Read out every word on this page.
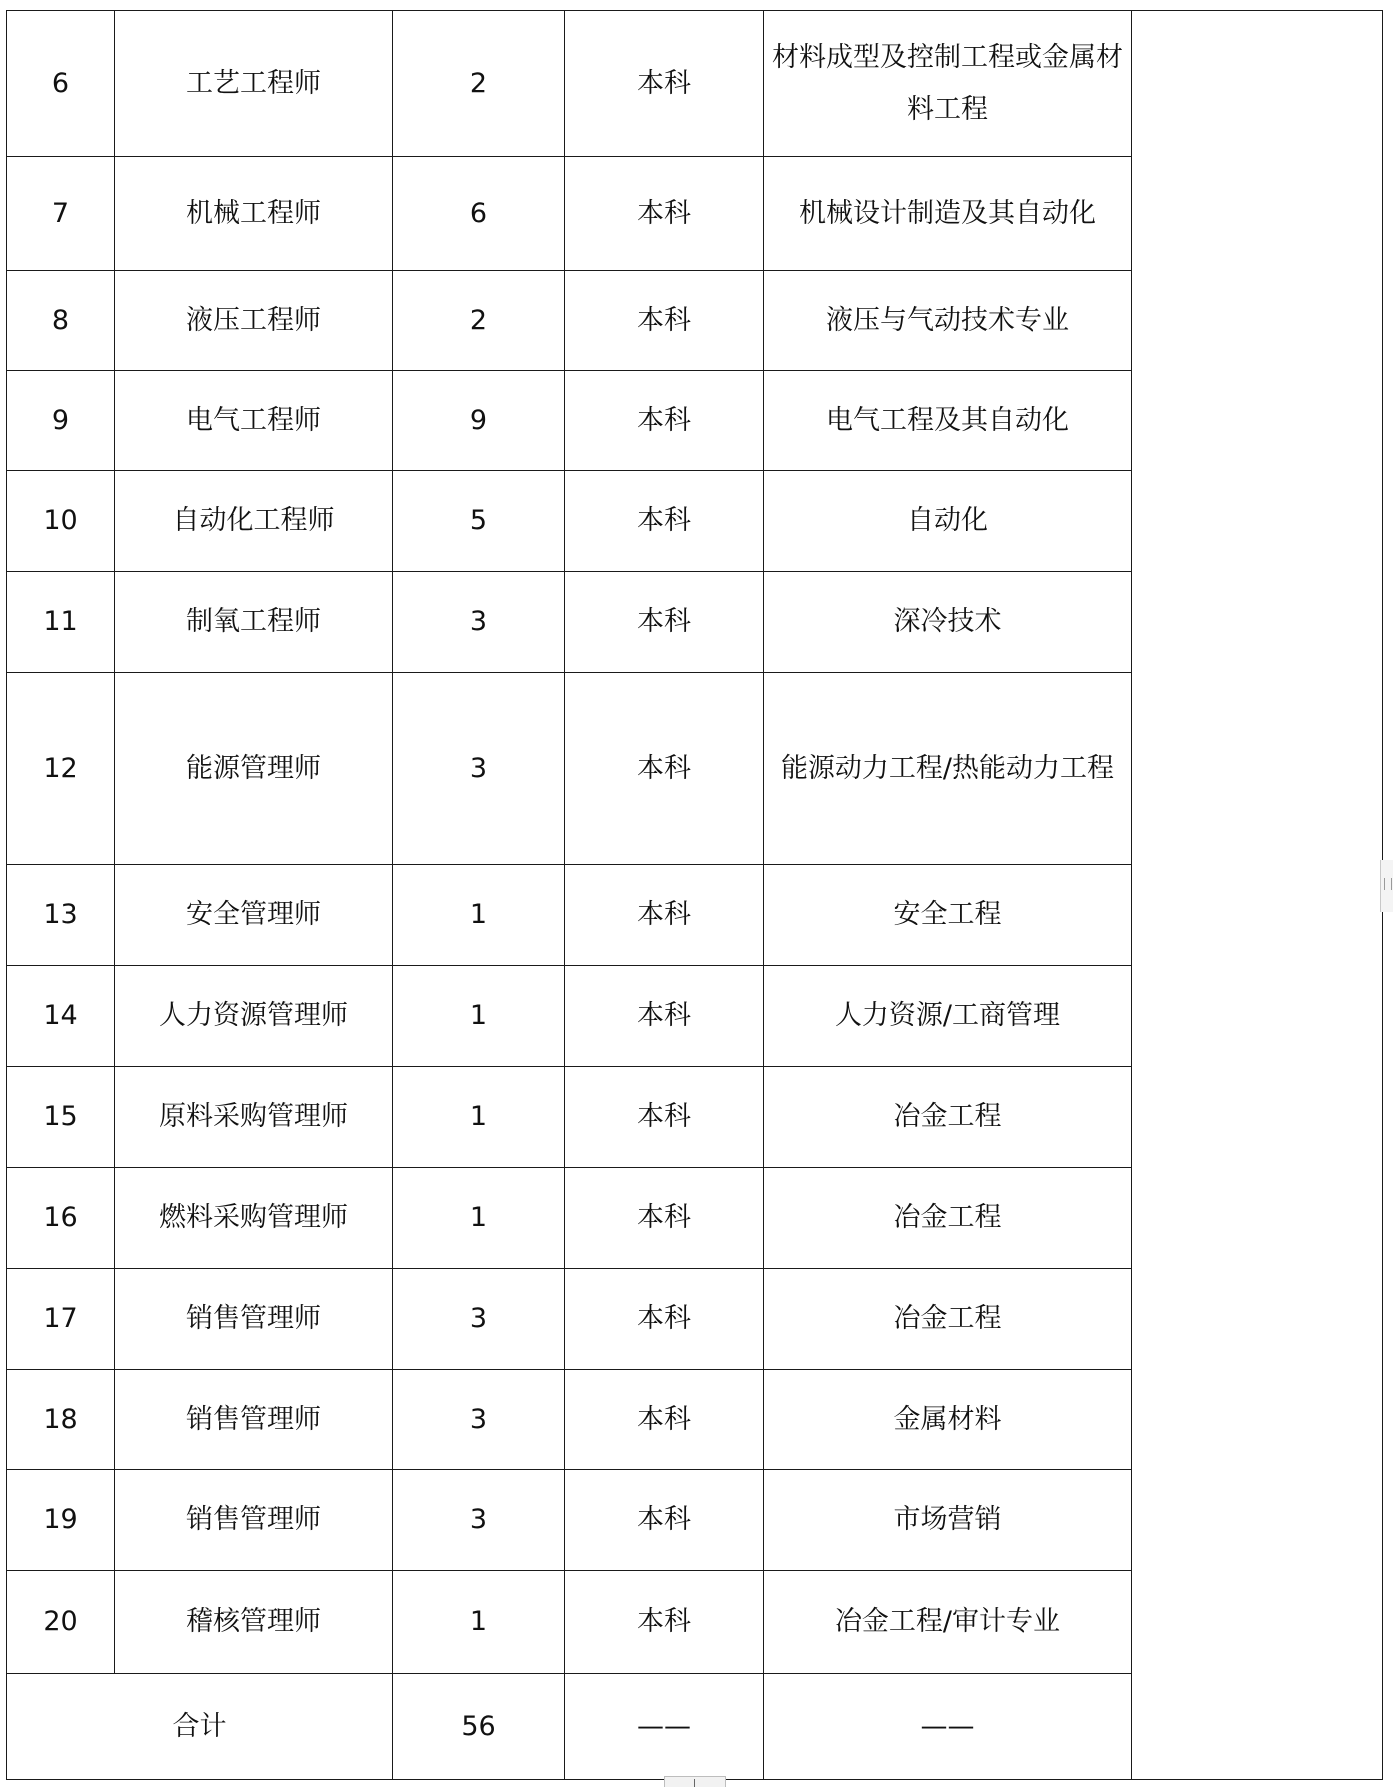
6	工艺工程师	2	本科	材料成型及控制工程或金属材料工程	
7	机械工程师	6	本科	机械设计制造及其自动化	
8	液压工程师	2	本科	液压与气动技术专业	
9	电气工程师	9	本科	电气工程及其自动化	
10	自动化工程师	5	本科	自动化	
11	制氧工程师	3	本科	深冷技术	
12	能源管理师	3	本科	能源动力工程/热能动力工程	
13	安全管理师	1	本科	安全工程	
14	人力资源管理师	1	本科	人力资源/工商管理	
15	原料采购管理师	1	本科	冶金工程	
16	燃料采购管理师	1	本科	冶金工程	
17	销售管理师	3	本科	冶金工程	
18	销售管理师	3	本科	金属材料	
19	销售管理师	3	本科	市场营销	
20	稽核管理师	1	本科	冶金工程/审计专业	
合计		56	——	——	
